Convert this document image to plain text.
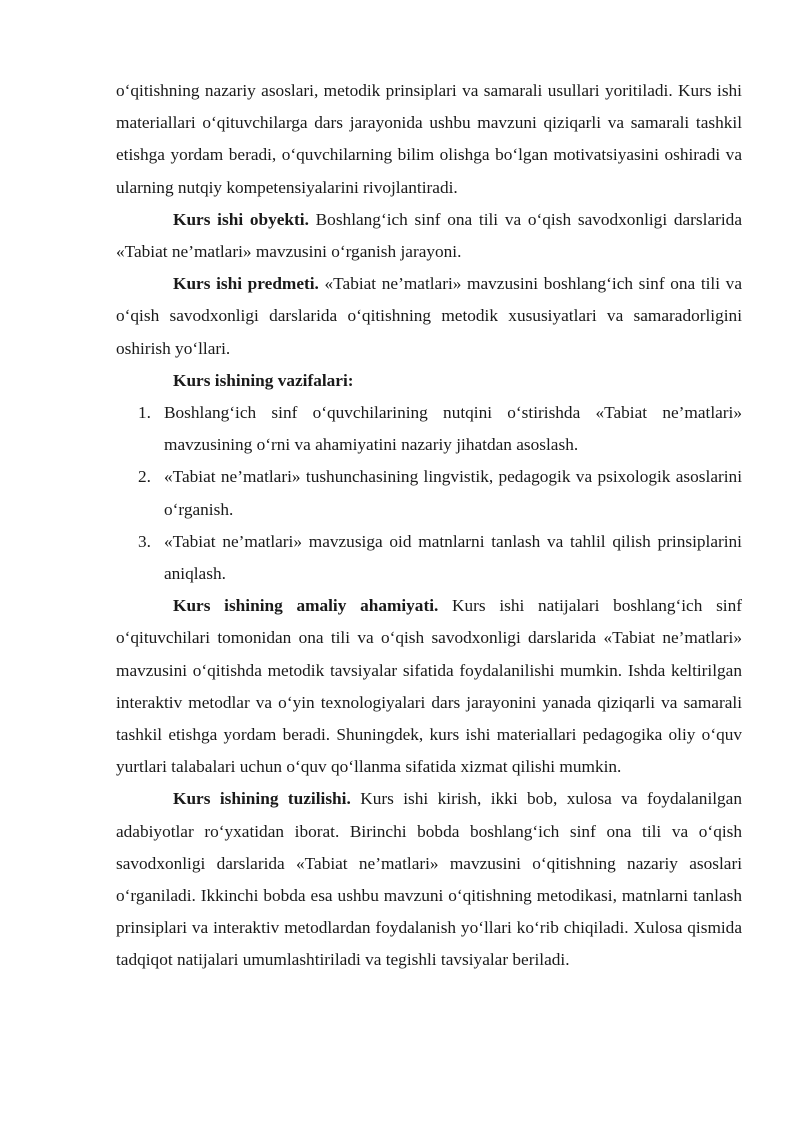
o‘qitishning nazariy asoslari, metodik prinsiplari va samarali usullari yoritiladi. Kurs ishi materiallari o‘qituvchilarga dars jarayonida ushbu mavzuni qiziqarli va samarali tashkil etishga yordam beradi, o‘quvchilarning bilim olishga bo‘lgan motivatsiyasini oshiradi va ularning nutqiy kompetensiyalarini rivojlantiradi.

Kurs ishi obyekti. Boshlang‘ich sinf ona tili va o‘qish savodxonligi darslarida «Tabiat ne’matlari» mavzusini o‘rganish jarayoni.

Kurs ishi predmeti. «Tabiat ne’matlari» mavzusini boshlang‘ich sinf ona tili va o‘qish savodxonligi darslarida o‘qitishning metodik xususiyatlari va samaradorligini oshirish yo‘llari.

Kurs ishining vazifalari:

1. Boshlang‘ich sinf o‘quvchilarining nutqini o‘stirishda «Tabiat ne’matlari» mavzusining o‘rni va ahamiyatini nazariy jihatdan asoslash.
2. «Tabiat ne’matlari» tushunchasining lingvistik, pedagogik va psixologik asoslarini o‘rganish.
3. «Tabiat ne’matlari» mavzusiga oid matnlarni tanlash va tahlil qilish prinsiplarini aniqlash.

Kurs ishining amaliy ahamiyati. Kurs ishi natijalari boshlang‘ich sinf o‘qituvchilari tomonidan ona tili va o‘qish savodxonligi darslarida «Tabiat ne’matlari» mavzusini o‘qitishda metodik tavsiyalar sifatida foydalanilishi mumkin. Ishda keltirilgan interaktiv metodlar va o‘yin texnologiyalari dars jarayonini yanada qiziqarli va samarali tashkil etishga yordam beradi. Shuningdek, kurs ishi materiallari pedagogika oliy o‘quv yurtlari talabalari uchun o‘quv qo‘llanma sifatida xizmat qilishi mumkin.

Kurs ishining tuzilishi. Kurs ishi kirish, ikki bob, xulosa va foydalanilgan adabiyotlar ro‘yxatidan iborat. Birinchi bobda boshlang‘ich sinf ona tili va o‘qish savodxonligi darslarida «Tabiat ne’matlari» mavzusini o‘qitishning nazariy asoslari o‘rganiladi. Ikkinchi bobda esa ushbu mavzuni o‘qitishning metodikasi, matnlarni tanlash prinsiplari va interaktiv metodlardan foydalanish yo‘llari ko‘rib chiqiladi. Xulosa qismida tadqiqot natijalari umumlashtiriladi va tegishli tavsiyalar beriladi.
